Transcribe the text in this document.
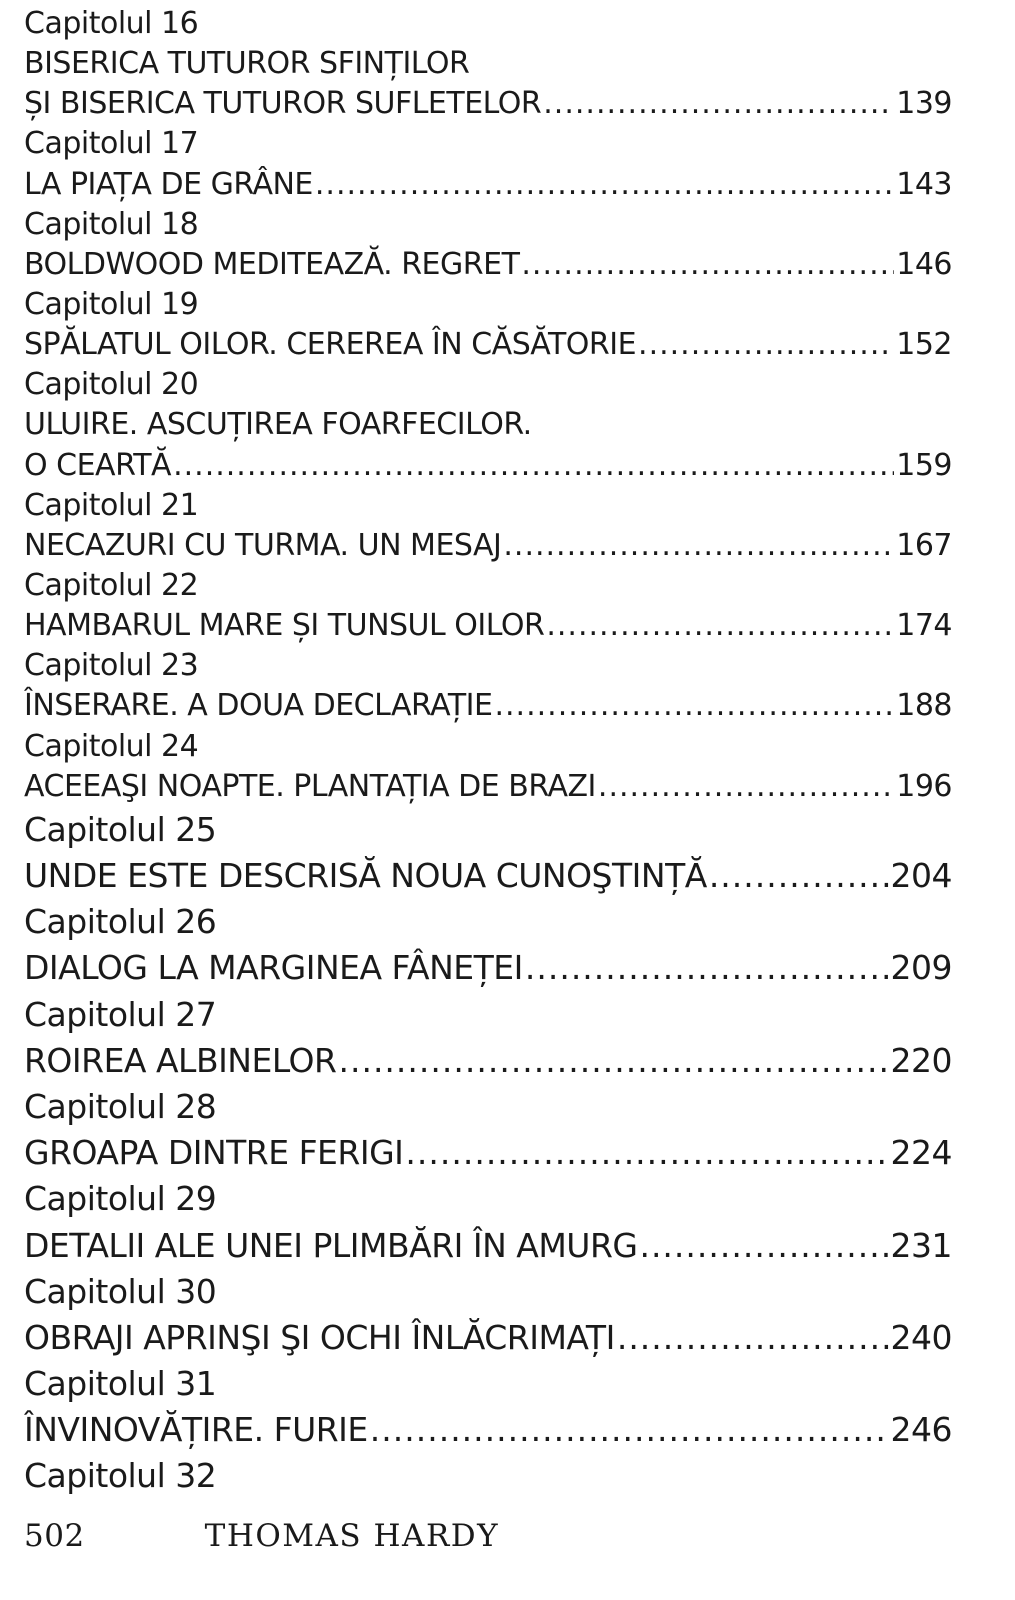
Capitolul 16
BISERICA TUTUROR SFINȚILOR
ȘI BISERICA TUTUROR SUFLETELOR .....	139
Capitolul 17
LA PIAȚA DE GRÂNE .....	143
Capitolul 18
BOLDWOOD MEDITEAZĂ. REGRET .....	146
Capitolul 19
SPĂLATUL OILOR. CEREREA ÎN CĂSĂTORIE .....	152
Capitolul 20
ULUIRE. ASCUȚIREA FOARFECILOR.
O CEARTĂ .....	159
Capitolul 21
NECAZURI CU TURMA. UN MESAJ .....	167
Capitolul 22
HAMBARUL MARE ȘI TUNSUL OILOR .....	174
Capitolul 23
ÎNSERARE. A DOUA DECLARAȚIE .....	188
Capitolul 24
ACEEAŞI NOAPTE. PLANTAȚIA DE BRAZI .....	196
Capitolul 25
UNDE ESTE DESCRISĂ NOUA CUNOŞTINȚĂ .....	204
Capitolul 26
DIALOG LA MARGINEA FÂNEȚEI .....	209
Capitolul 27
ROIREA ALBINELOR .....	220
Capitolul 28
GROAPA DINTRE FERIGI .....	224
Capitolul 29
DETALII ALE UNEI PLIMBĂRI ÎN AMURG .....	231
Capitolul 30
OBRAJI APRINŞI ŞI OCHI ÎNLĂCRIMAȚI .....	240
Capitolul 31
ÎNVINOVĂȚIRE. FURIE .....	246
Capitolul 32
502	THOMAS HARDY
